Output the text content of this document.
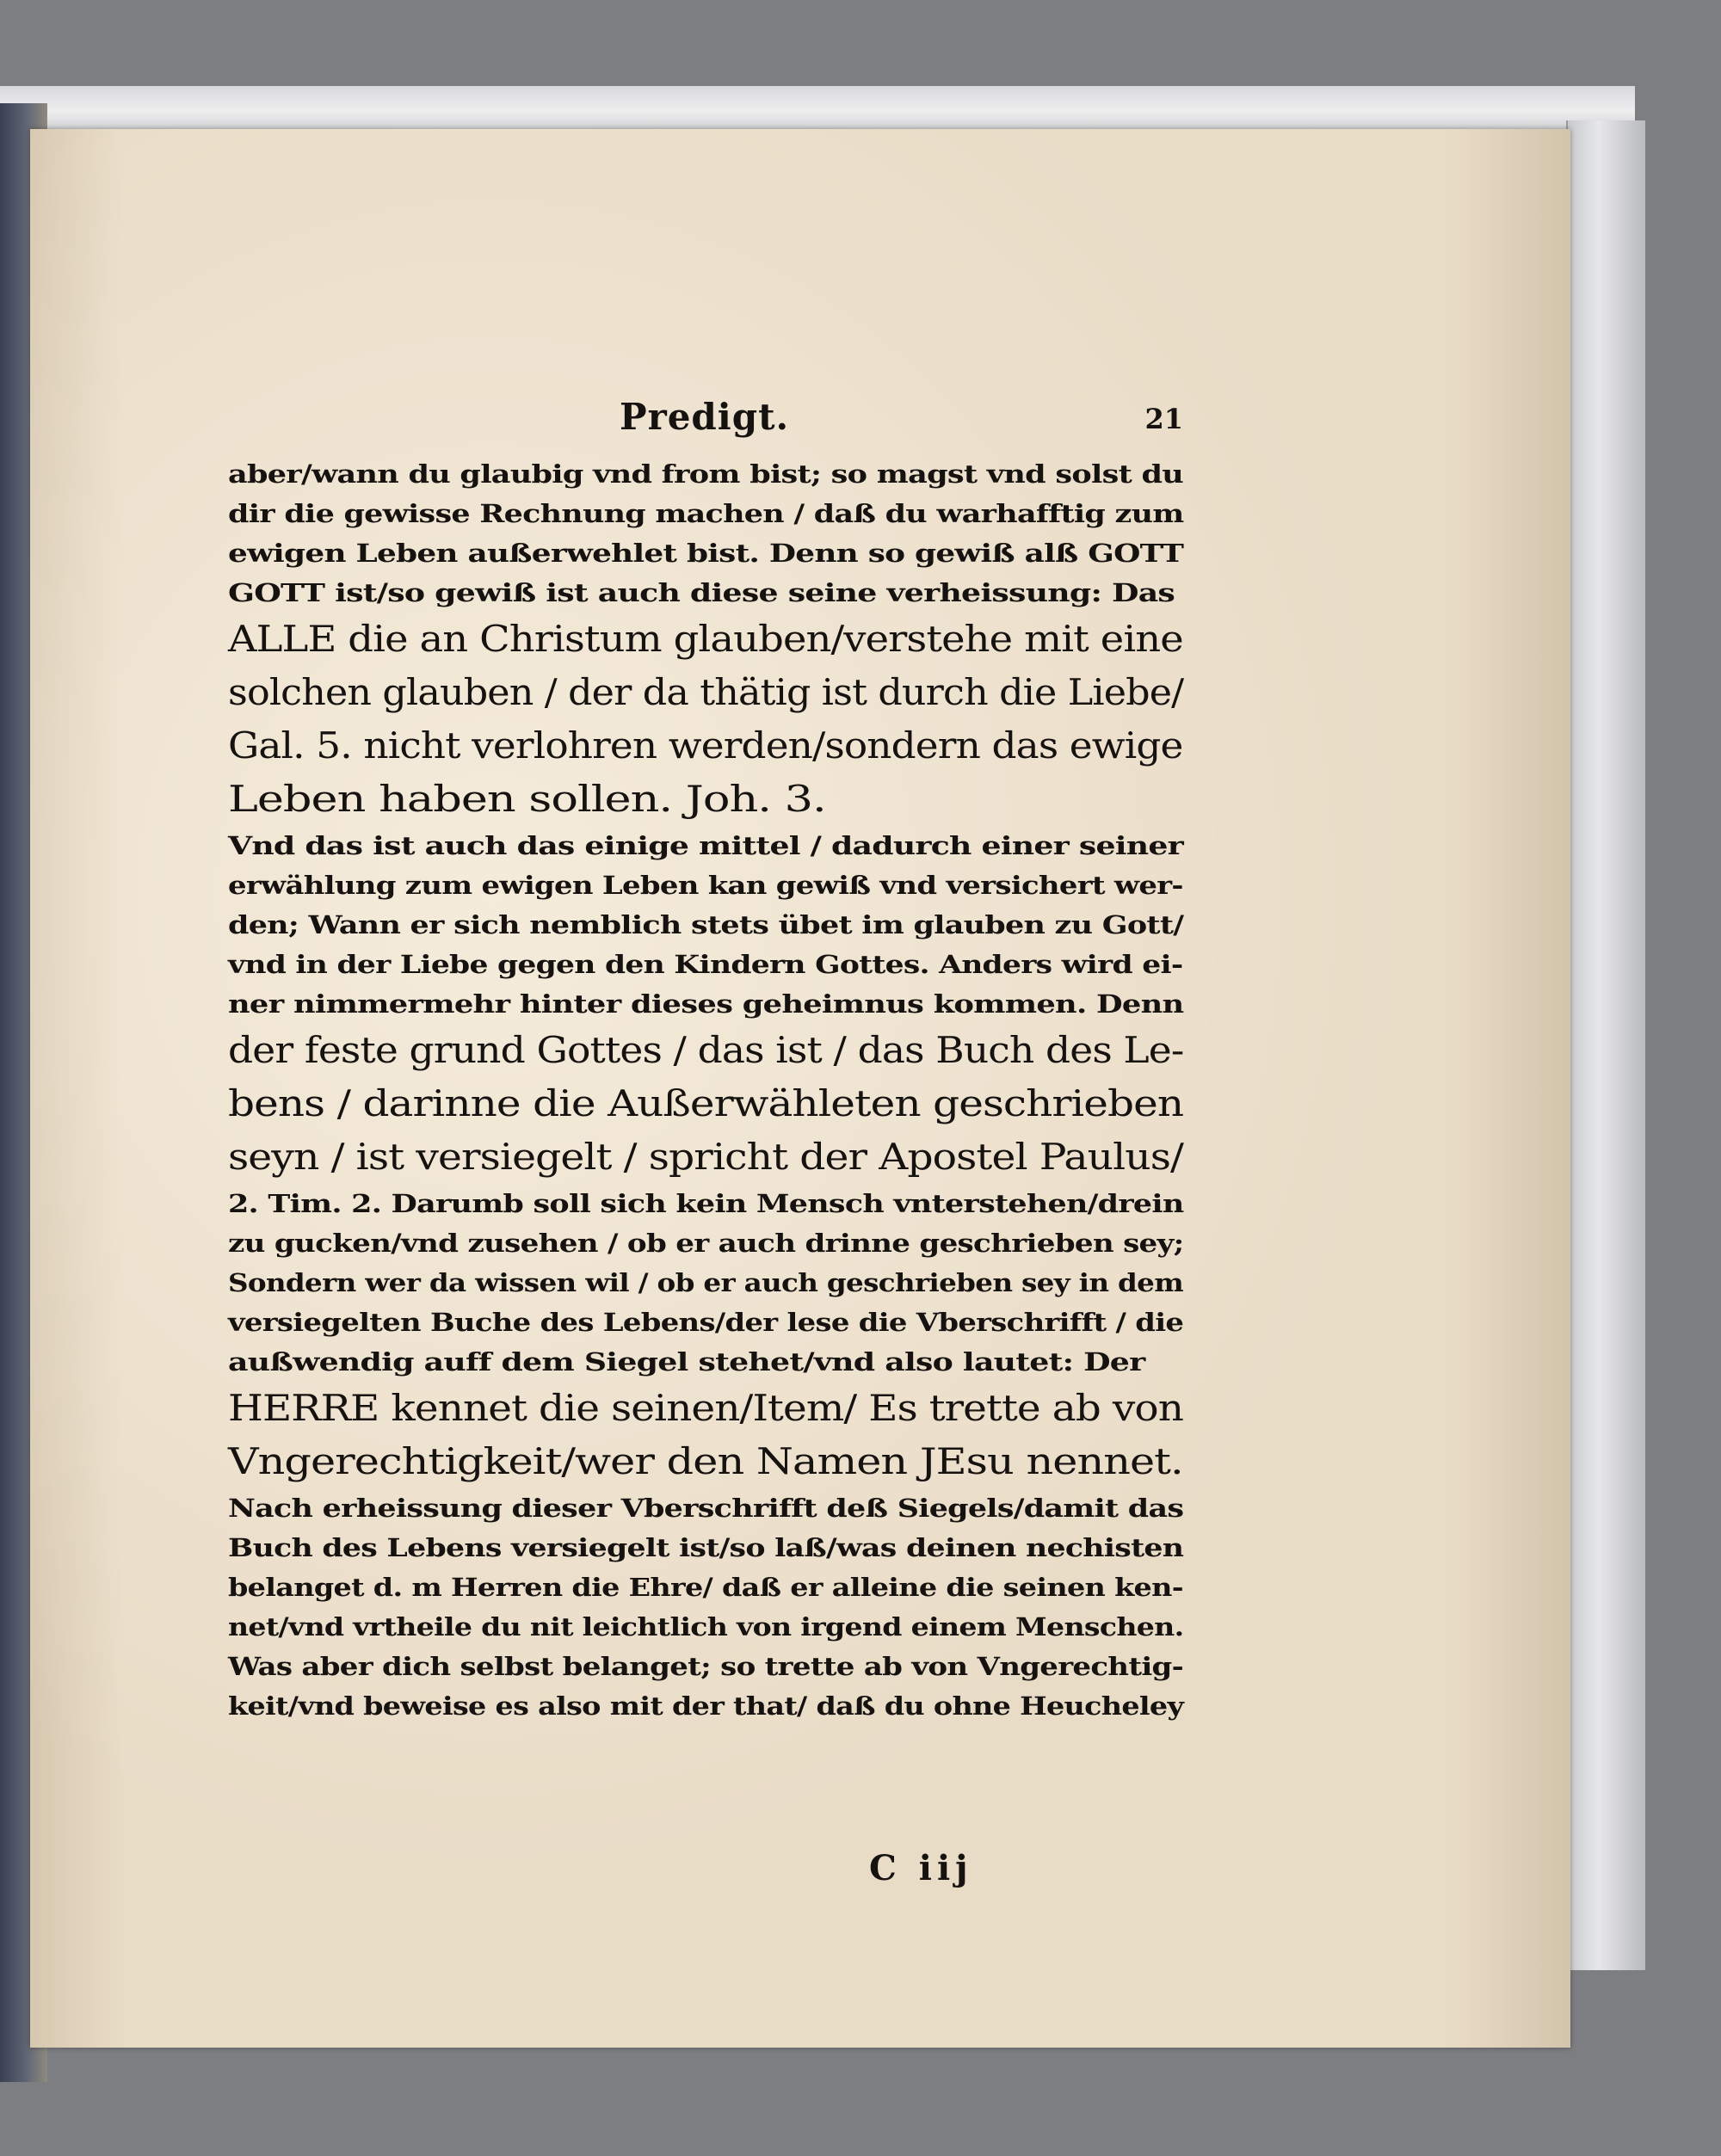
Predigt.	21
aber/wann du glaubig vnd from bist; so magst vnd solst du
dir die gewisse Rechnung machen / daß du warhafftig zum
ewigen Leben außerwehlet bist. Denn so gewiß alß GOTT
GOTT ist/so gewiß ist auch diese seine verheissung: Das
ALLE die an Christum glauben/verstehe mit eine
solchen glauben / der da thätig ist durch die Liebe/
Gal. 5. nicht verlohren werden/sondern das ewige
Leben haben sollen. Joh. 3.
Vnd das ist auch das einige mittel / dadurch einer seiner
erwählung zum ewigen Leben kan gewiß vnd versichert wer-
den; Wann er sich nemblich stets übet im glauben zu Gott/
vnd in der Liebe gegen den Kindern Gottes. Anders wird ei-
ner nimmermehr hinter dieses geheimnus kommen. Denn
der feste grund Gottes / das ist / das Buch des Le-
bens / darinne die Außerwähleten geschrieben
seyn / ist versiegelt / spricht der Apostel Paulus/
2. Tim. 2. Darumb soll sich kein Mensch vnterstehen/drein
zu gucken/vnd zusehen / ob er auch drinne geschrieben sey;
Sondern wer da wissen wil / ob er auch geschrieben sey in dem
versiegelten Buche des Lebens/der lese die Vberschrifft / die
außwendig auff dem Siegel stehet/vnd also lautet: Der
HERRE kennet die seinen/Item/ Es trette ab von
Vngerechtigkeit/wer den Namen JEsu nennet.
Nach erheissung dieser Vberschrifft deß Siegels/damit das
Buch des Lebens versiegelt ist/so laß/was deinen nechisten
belanget d. m Herren die Ehre/ daß er alleine die seinen ken-
net/vnd vrtheile du nit leichtlich von irgend einem Menschen.
Was aber dich selbst belanget; so trette ab von Vngerechtig-
keit/vnd beweise es also mit der that/ daß du ohne Heucheley
C iij
